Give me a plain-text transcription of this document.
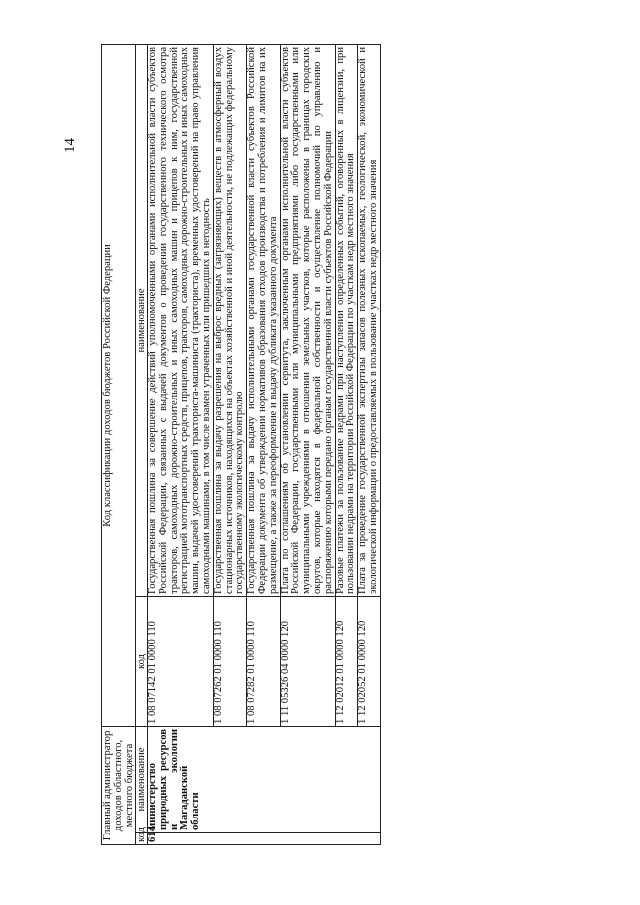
14
Главный администратор доходов областного, местного бюджета		Код классификации доходов бюджетов Российской Федерации	
код	наименование	код	наименование
614	министерство природных ресурсов и экологии Магаданской области	1 08 07142 01 0000 110	Государственная пошлина за совершение действий уполномоченными органами исполнительной власти субъектов Российской Федерации, связанных с выдачей документов о проведении государственного технического осмотра тракторов, самоходных дорожно-строительных и иных самоходных машин и прицепов к ним, государственной регистрацией мототранспортных средств, прицепов, тракторов, самоходных дорожно-строительных и иных самоходных машин, выдачей удостоверений тракториста-машиниста (тракториста), временных удостоверений на право управления самоходными машинами, в том числе взамен утраченных или пришедших в негодность
		1 08 07262 01 0000 110	Государственная пошлина за выдачу разрешения на выброс вредных (загрязняющих) веществ в атмосферный воздух стационарных источников, находящихся на объектах хозяйственной и иной деятельности, не подлежащих федеральному государственному экологическому контролю
		1 08 07282 01 0000 110	Государственная пошлина за выдачу исполнительными органами государственной власти субъектов Российской Федерации документа об утверждении нормативов образования отходов производства и потребления и лимитов на их размещение, а также за переоформление и выдачу дубликата указанного документа
		1 11 05326 04 0000 120	Плата по соглашениям об установлении сервитута, заключенным органами исполнительной власти субъектов Российской Федерации, государственными или муниципальными предприятиями либо государственными или муниципальными учреждениями в отношении земельных участков, которые расположены в границах городских округов, которые находятся в федеральной собственности и осуществление полномочий по управлению и распоряжению которыми передано органам государственной власти субъектов Российской Федерации
		1 12 02012 01 0000 120	Разовые платежи за пользование недрами при наступлении определенных событий, оговоренных в лицензии, при пользовании недрами на территории Российской Федерации по участкам недр местного значения
		1 12 02052 01 0000 120	Плата за проведение государственной экспертизы запасов полезных ископаемых, геологической, экономической и экологической информации о предоставляемых в пользование участках недр местного значения
